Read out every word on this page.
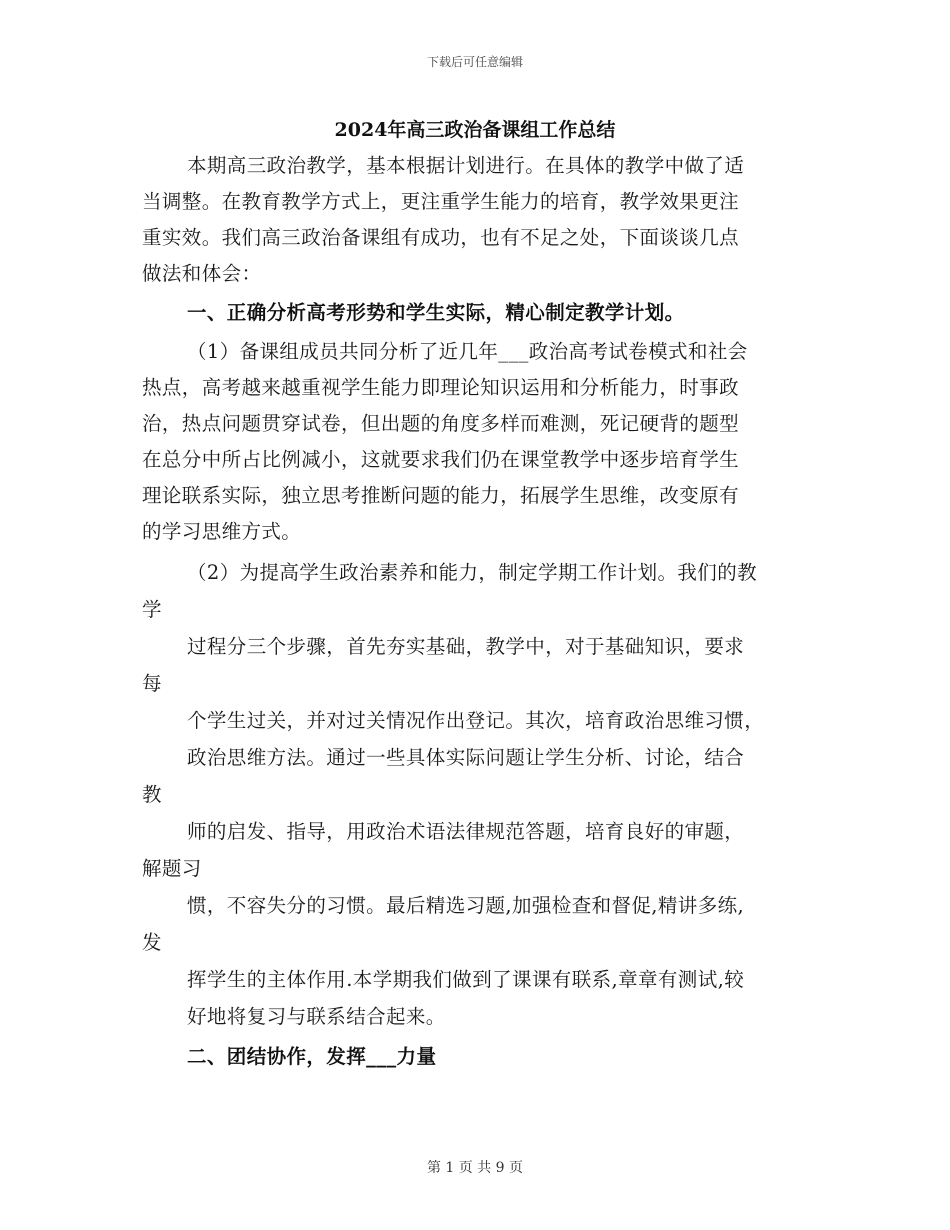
下载后可任意编辑
2024年高三政治备课组工作总结
本期高三政治教学，基本根据计划进行。在具体的教学中做了适
当调整。在教育教学方式上，更注重学生能力的培育，教学效果更注
重实效。我们高三政治备课组有成功，也有不足之处，下面谈谈几点
做法和体会：
一、正确分析高考形势和学生实际，精心制定教学计划。
（1）备课组成员共同分析了近几年___政治高考试卷模式和社会
热点，高考越来越重视学生能力即理论知识运用和分析能力，时事政
治，热点问题贯穿试卷，但出题的角度多样而难测，死记硬背的题型
在总分中所占比例减小，这就要求我们仍在课堂教学中逐步培育学生
理论联系实际，独立思考推断问题的能力，拓展学生思维，改变原有
的学习思维方式。
（2）为提高学生政治素养和能力，制定学期工作计划。我们的教
学
过程分三个步骤，首先夯实基础，教学中，对于基础知识，要求
每
个学生过关，并对过关情况作出登记。其次，培育政治思维习惯，
政治思维方法。通过一些具体实际问题让学生分析、讨论，结合
教
师的启发、指导，用政治术语法律规范答题，培育良好的审题，
解题习
惯，不容失分的习惯。最后精选习题,加强检查和督促,精讲多练,
发
挥学生的主体作用.本学期我们做到了课课有联系,章章有测试,较
好地将复习与联系结合起来。
二、团结协作，发挥___力量
第 1 页 共 9 页
